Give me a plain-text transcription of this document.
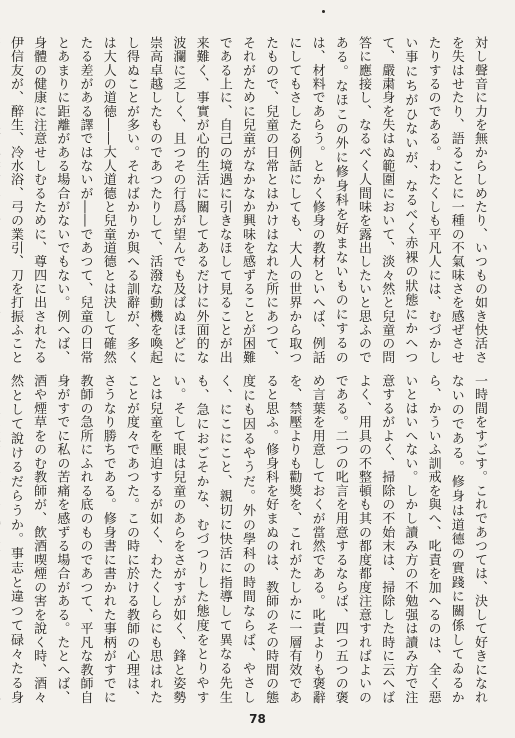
対し聲音に力を無からしめたり、いつもの如き快活さを失はせたり、語ることに一種の不氣味さを感ぜさせたりするのである。わたくしも平凡人には、むづかしい事にちがひないが、なるべく赤裸の狀態にかへつて、嚴粛身を失はぬ範圍において、淡々然と兒童の問答に應接し、なるべく人間味を露出したいと思ふのである。なほこの外に修身科を好まないものにするのは、材料であらう。とかく修身の教材といへば、例話にしてもさしたる例話にしても、大人の世界から取つたもので、兒童の日常とはかけはなれた所にあつて、それがために兒童がなかなか興味を感ずることが困難である上に、自己の境遇に引きなほして見ることが出来難く、事實が心的生活に關してあるだけに外面的な波瀾に乏しく、且つその行爲が望んでも及ばぬほどに崇高卓越したものであつたりして、活潑な動機を喚起し得ぬことが多い。そればかりか與へる訓辭が、多くは大人の道徳――大人道德と兒童道德とは決して確然たる差がある譯ではないが――であつて、兒童の日常とあまりに距離がある場合がないでもない。例へば、身體の健康に注意せしむるために、尊四に出されたる伊信友が、醉生、冷水浴、弓の業引、刀を打振ふこと
一時間をすごす。これであつては、決して好きになれないのである。修身は道德の實踐に關係してゐるから、かういふ訓戒を與へ、叱責を加へるのは、全く惡いとはいへない。しかし讀み方の不勉强は讀み方で注意するがよく、掃除の不始末は、掃除した時に云へばよく、用具の不整頓も其の都度都度注意すればよいのである。二つの叱言を用意するならば、四つ五つの褒め言葉を用意しておくが當然である。叱責よりも褒辭を、禁壓よりも勸獎を、これがたしかに一層有效であると思ふ。修身科を好まぬのは、教師のその時間の態度にも因るやうだ。外の學科の時間ならば、やさしく、にこにこと、親切に快活に指導して異なる先生も、急におごそかな、むづつりした態度をとりやすい。そして眼は兒童のあらをさがすが如く、鋒と姿勢とは兒童を壓迫するが如く、わたくしらにも思はれたことが度々であつた。この時に於ける教師の心理は、さうなり勝ちである。修身書に書かれた事柄がすでに教師の急所にふれる底のものであつて、平凡な教師自身がすでに私の苦痛を感ずる場合がある。たとへば、酒や煙草をのむ教師が、飲酒喫煙の害を說く時、酒々然として說けるだらうか。事志と違つて碌々たる身
78
